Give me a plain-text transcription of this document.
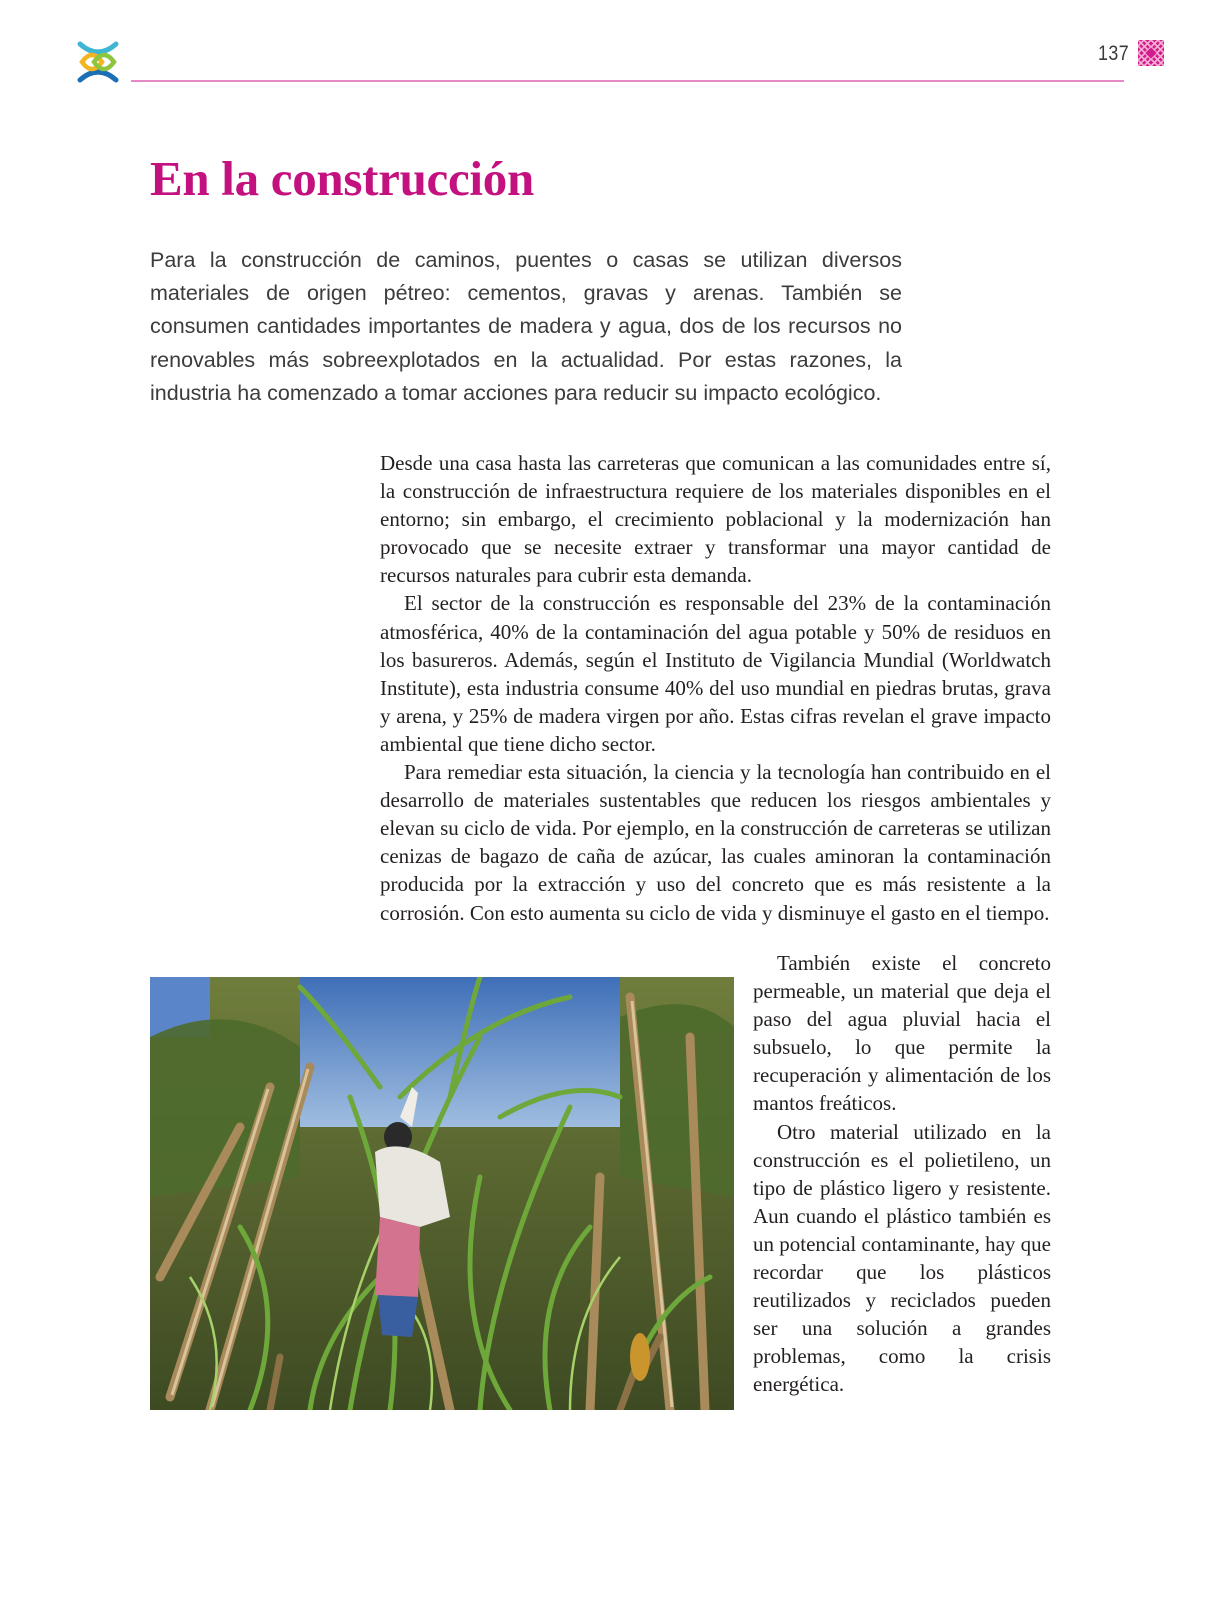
137
En la construcción

Para la construcción de caminos, puentes o casas se utilizan diversos materiales de origen pétreo: cementos, gravas y arenas. También se consumen cantidades importantes de madera y agua, dos de los recursos no renovables más sobreexplotados en la actualidad. Por estas razones, la industria ha comenzado a tomar acciones para reducir su impacto ecológico.

Desde una casa hasta las carreteras que comunican a las comunidades entre sí, la construcción de infraestructura requiere de los materiales disponibles en el entorno; sin embargo, el crecimiento poblacional y la modernización han provocado que se necesite extraer y transformar una mayor cantidad de recursos naturales para cubrir esta demanda.

El sector de la construcción es responsable del 23% de la contaminación atmosférica, 40% de la contaminación del agua potable y 50% de residuos en los basureros. Además, según el Instituto de Vigilancia Mundial (Worldwatch Institute), esta industria consume 40% del uso mundial en piedras brutas, grava y arena, y 25% de madera virgen por año. Estas cifras revelan el grave impacto ambiental que tiene dicho sector.

Para remediar esta situación, la ciencia y la tecnología han contribuido en el desarrollo de materiales sustentables que reducen los riesgos ambientales y elevan su ciclo de vida. Por ejemplo, en la construcción de carreteras se utilizan cenizas de bagazo de caña de azúcar, las cuales aminoran la contaminación producida por la extracción y uso del concreto que es más resistente a la corrosión. Con esto aumenta su ciclo de vida y disminuye el gasto en el tiempo.

También existe el concreto permeable, un material que deja el paso del agua pluvial hacia el subsuelo, lo que permite la recuperación y alimentación de los mantos freáticos.

Otro material utilizado en la construcción es el polietileno, un tipo de plástico ligero y resistente. Aun cuando el plástico también es un potencial contaminante, hay que recordar que los plásticos reutilizados y reciclados pueden ser una solución a grandes problemas, como la crisis energética.
